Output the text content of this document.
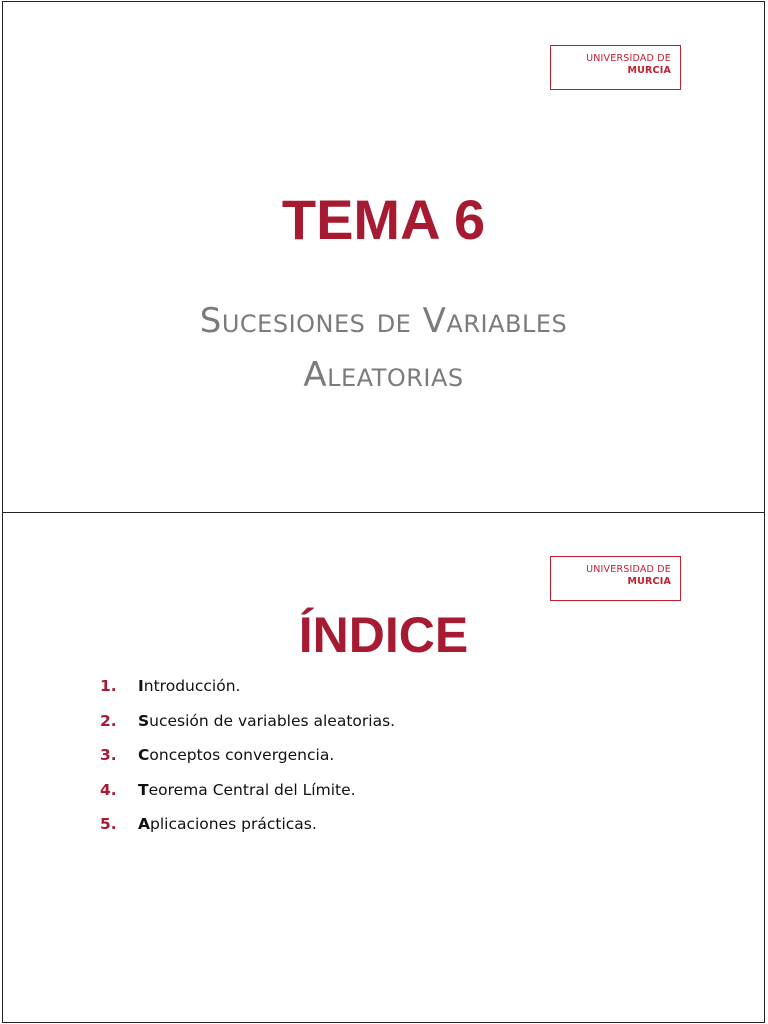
UNIVERSIDAD DE
MURCIA
TEMA 6
Sucesiones de Variables
Aleatorias
UNIVERSIDAD DE
MURCIA
ÍNDICE
1.	Introducción.
2.	Sucesión de variables aleatorias.
3.	Conceptos convergencia.
4.	Teorema Central del Límite.
5.	Aplicaciones prácticas.
